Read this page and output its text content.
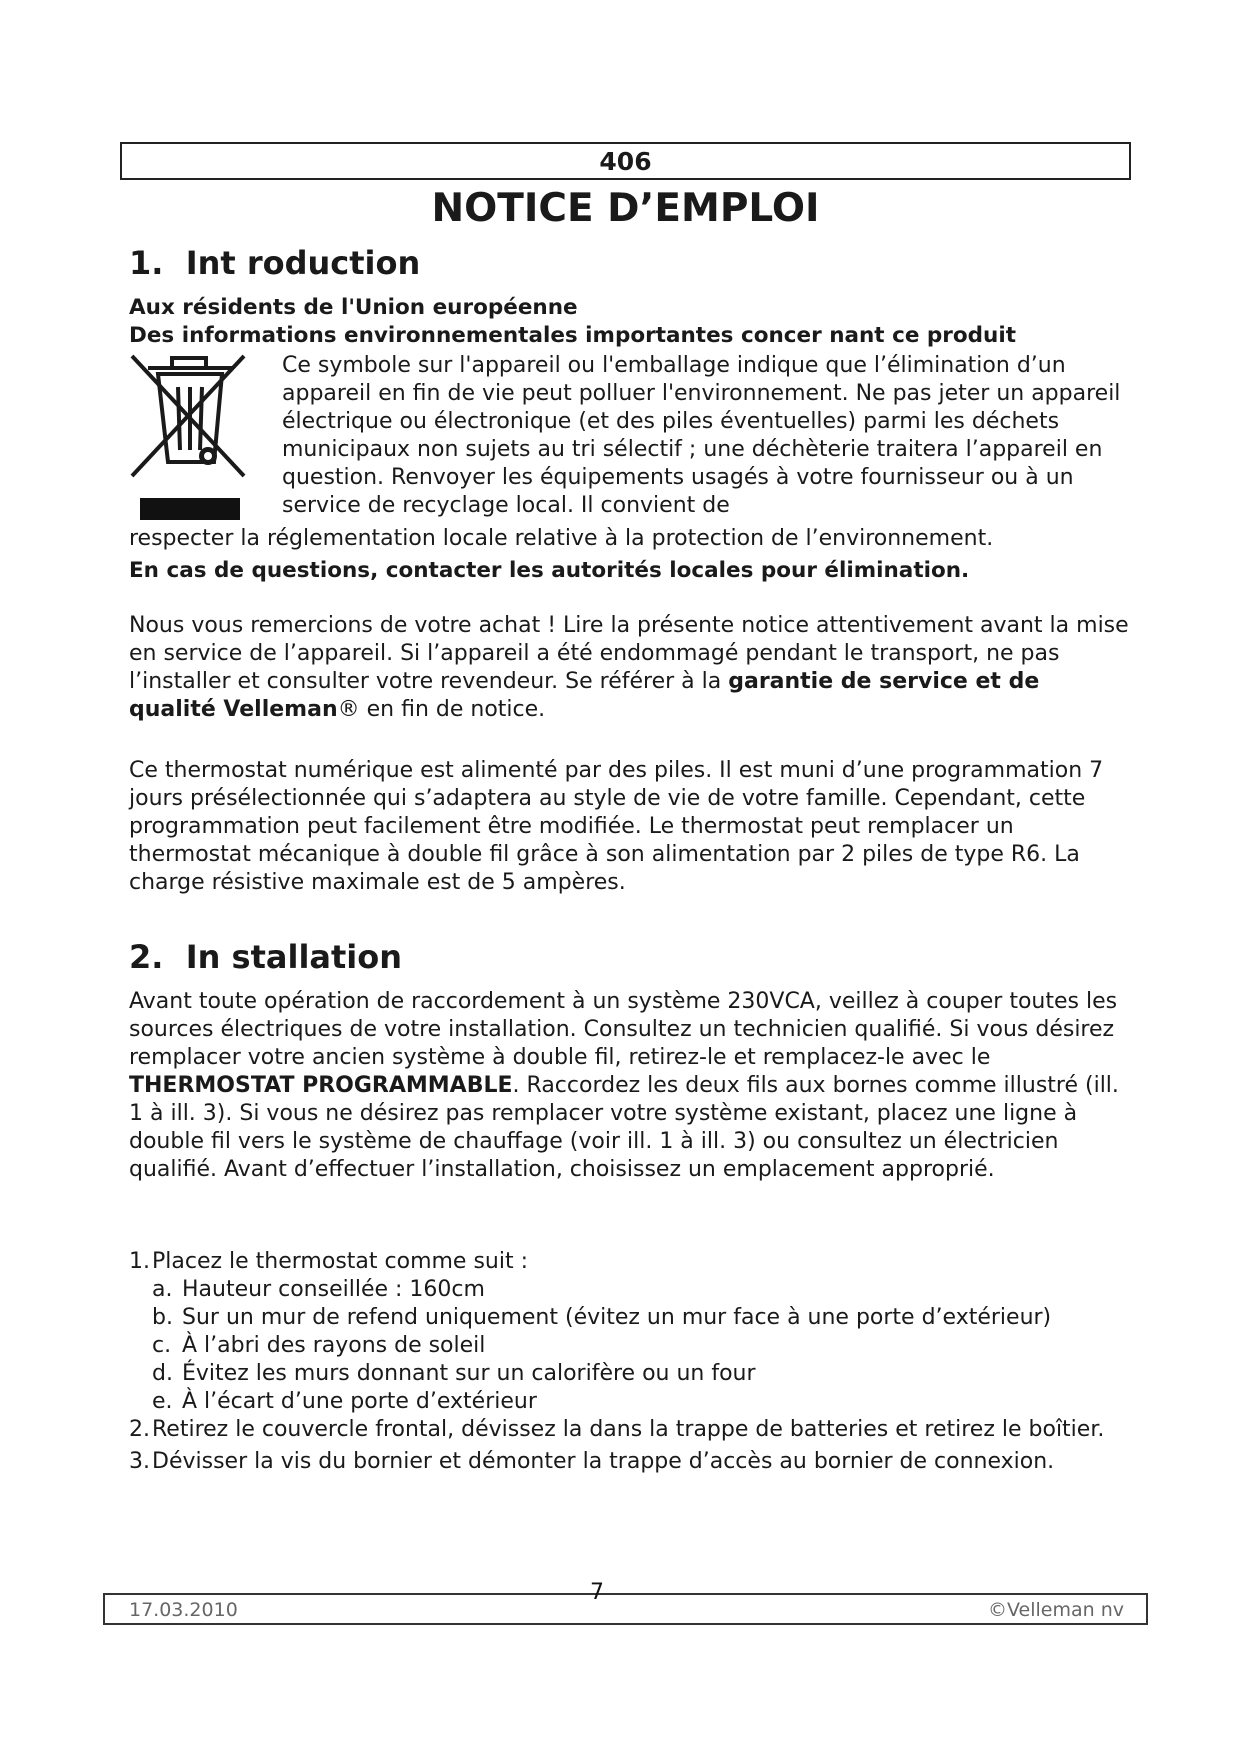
406
NOTICE D’EMPLOI
1. Int roduction

Aux résidents de l'Union européenne

Des informations environnementales importantes concer nant ce produit

Ce symbole sur l'appareil ou l'emballage indique que l’élimination d’un appareil en fin de vie peut polluer l'environnement. Ne pas jeter un appareil électrique ou électronique (et des piles éventuelles) parmi les déchets municipaux non sujets au tri sélectif ; une déchèterie traitera l’appareil en question. Renvoyer les équipements usagés à votre fournisseur ou à un service de recyclage local. Il convient de

respecter la réglementation locale relative à la protection de l’environnement.

En cas de questions, contacter les autorités locales pour élimination.

Nous vous remercions de votre achat ! Lire la présente notice attentivement avant la mise en service de l’appareil. Si l’appareil a été endommagé pendant le transport, ne pas l’installer et consulter votre revendeur. Se référer à la garantie de service et de qualité Velleman® en fin de notice.

Ce thermostat numérique est alimenté par des piles. Il est muni d’une programmation 7 jours présélectionnée qui s’adaptera au style de vie de votre famille. Cependant, cette programmation peut facilement être modifiée. Le thermostat peut remplacer un thermostat mécanique à double fil grâce à son alimentation par 2 piles de type R6. La charge résistive maximale est de 5 ampères.

2. In stallation

Avant toute opération de raccordement à un système 230VCA, veillez à couper toutes les sources électriques de votre installation. Consultez un technicien qualifié. Si vous désirez remplacer votre ancien système à double fil, retirez-le et remplacez-le avec le THERMOSTAT PROGRAMMABLE. Raccordez les deux fils aux bornes comme illustré (ill. 1 à ill. 3). Si vous ne désirez pas remplacer votre système existant, placez une ligne à double fil vers le système de chauffage (voir ill. 1 à ill. 3) ou consultez un électricien qualifié. Avant d’effectuer l’installation, choisissez un emplacement approprié.

1. Placez le thermostat comme suit :
a. Hauteur conseillée : 160cm
b. Sur un mur de refend uniquement (évitez un mur face à une porte d’extérieur)
c. À l’abri des rayons de soleil
d. Évitez les murs donnant sur un calorifère ou un four
e. À l’écart d’une porte d’extérieur
2. Retirez le couvercle frontal, dévissez la dans la trappe de batteries et retirez le boîtier.
3. Dévisser la vis du bornier et démonter la trappe d’accès au bornier de connexion.
17.03.2010	©Velleman nv
7
